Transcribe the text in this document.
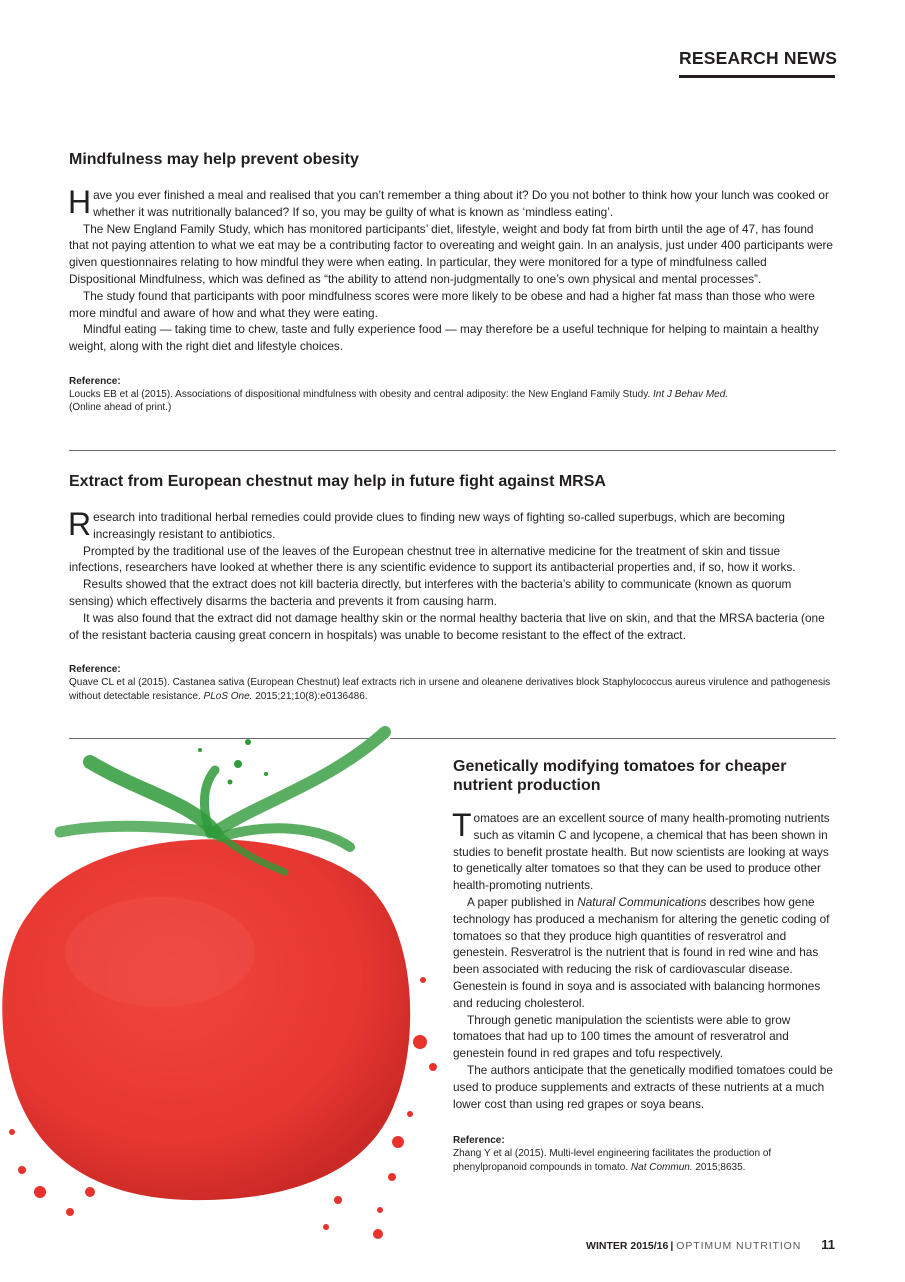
RESEARCH NEWS
Mindfulness may help prevent obesity

Have you ever finished a meal and realised that you can’t remember a thing about it? Do you not bother to think how your lunch was cooked or whether it was nutritionally balanced? If so, you may be guilty of what is known as ‘mindless eating’.

The New England Family Study, which has monitored participants’ diet, lifestyle, weight and body fat from birth until the age of 47, has found that not paying attention to what we eat may be a contributing factor to overeating and weight gain. In an analysis, just under 400 participants were given questionnaires relating to how mindful they were when eating. In particular, they were monitored for a type of mindfulness called Dispositional Mindfulness, which was defined as “the ability to attend non-judgmentally to one’s own physical and mental processes”.

The study found that participants with poor mindfulness scores were more likely to be obese and had a higher fat mass than those who were more mindful and aware of how and what they were eating.

Mindful eating — taking time to chew, taste and fully experience food — may therefore be a useful technique for helping to maintain a healthy weight, along with the right diet and lifestyle choices.

Reference:

Loucks EB et al (2015). Associations of dispositional mindfulness with obesity and central adiposity: the New England Family Study. Int J Behav Med.
(Online ahead of print.)

Extract from European chestnut may help in future fight against MRSA

Research into traditional herbal remedies could provide clues to finding new ways of fighting so-called superbugs, which are becoming increasingly resistant to antibiotics.

Prompted by the traditional use of the leaves of the European chestnut tree in alternative medicine for the treatment of skin and tissue infections, researchers have looked at whether there is any scientific evidence to support its antibacterial properties and, if so, how it works.

Results showed that the extract does not kill bacteria directly, but interferes with the bacteria’s ability to communicate (known as quorum sensing) which effectively disarms the bacteria and prevents it from causing harm.

It was also found that the extract did not damage healthy skin or the normal healthy bacteria that live on skin, and that the MRSA bacteria (one of the resistant bacteria causing great concern in hospitals) was unable to become resistant to the effect of the extract.

Reference:

Quave CL et al (2015). Castanea sativa (European Chestnut) leaf extracts rich in ursene and oleanene derivatives block Staphylococcus aureus virulence and pathogenesis without detectable resistance. PLoS One. 2015;21;10(8):e0136486.

Genetically modifying tomatoes for cheaper nutrient production

Tomatoes are an excellent source of many health-promoting nutrients such as vitamin C and lycopene, a chemical that has been shown in studies to benefit prostate health. But now scientists are looking at ways to genetically alter tomatoes so that they can be used to produce other health-promoting nutrients.

A paper published in Natural Communications describes how gene technology has produced a mechanism for altering the genetic coding of tomatoes so that they produce high quantities of resveratrol and genestein. Resveratrol is the nutrient that is found in red wine and has been associated with reducing the risk of cardiovascular disease. Genestein is found in soya and is associated with balancing hormones and reducing cholesterol.

Through genetic manipulation the scientists were able to grow tomatoes that had up to 100 times the amount of resveratrol and genestein found in red grapes and tofu respectively.

The authors anticipate that the genetically modified tomatoes could be used to produce supplements and extracts of these nutrients at a much lower cost than using red grapes or soya beans.

Reference:

Zhang Y et al (2015). Multi-level engineering facilitates the production of phenylpropanoid compounds in tomato. Nat Commun. 2015;8635.

WINTER 2015/16 | OPTIMUM NUTRITION 11
